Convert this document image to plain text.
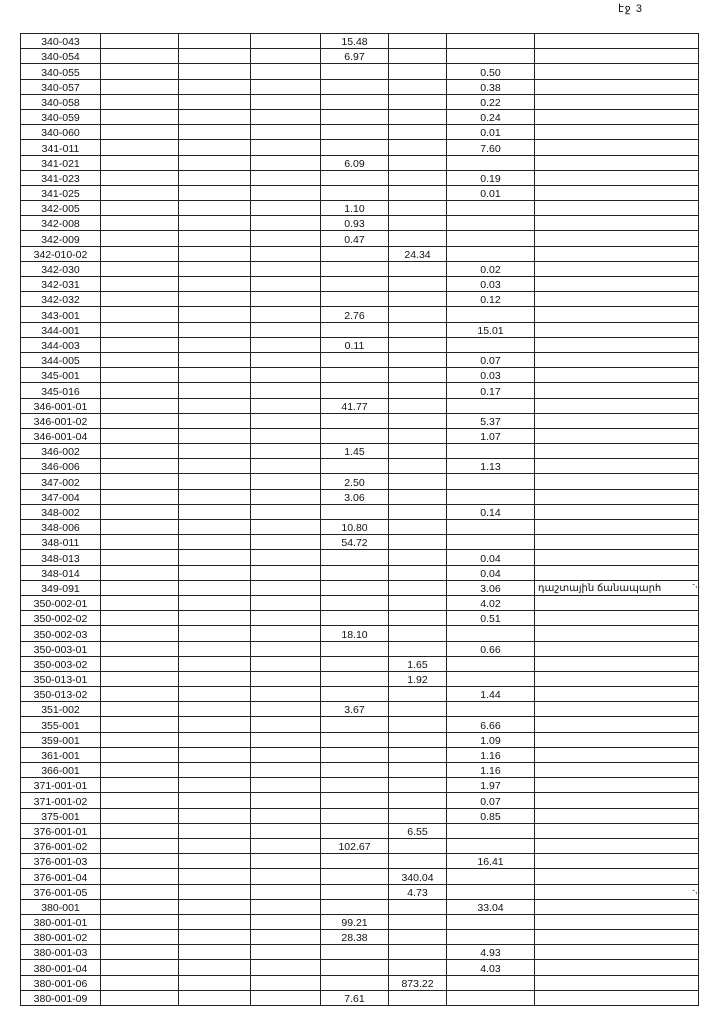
էջ 3
340-043				15.48			
340-054				6.97			
340-055						0.50	
340-057						0.38	
340-058						0.22	
340-059						0.24	
340-060						0.01	
341-011						7.60	
341-021				6.09			
341-023						0.19	
341-025						0.01	
342-005				1.10			
342-008				0.93			
342-009				0.47			
342-010-02					24.34		
342-030						0.02	
342-031						0.03	
342-032						0.12	
343-001				2.76			
344-001						15.01	
344-003				0.11			
344-005						0.07	
345-001						0.03	
345-016						0.17	
346-001-01				41.77			
346-001-02						5.37	
346-001-04						1.07	
346-002				1.45			
346-006						1.13	
347-002				2.50			
347-004				3.06			
348-002						0.14	
348-006				10.80			
348-011				54.72			
348-013						0.04	
348-014						0.04	
349-091						3.06	դաշտային ճանապարհ
350-002-01						4.02	
350-002-02						0.51	
350-002-03				18.10			
350-003-01						0.66	
350-003-02					1.65		
350-013-01					1.92		
350-013-02						1.44	
351-002				3.67			
355-001						6.66	
359-001						1.09	
361-001						1.16	
366-001						1.16	
371-001-01						1.97	
371-001-02						0.07	
375-001						0.85	
376-001-01					6.55		
376-001-02				102.67			
376-001-03						16.41	
376-001-04					340.04		
376-001-05					4.73		
380-001						33.04	
380-001-01				99.21			
380-001-02				28.38			
380-001-03						4.93	
380-001-04						4.03	
380-001-06					873.22		
380-001-09				7.61			
-,,
-,,
